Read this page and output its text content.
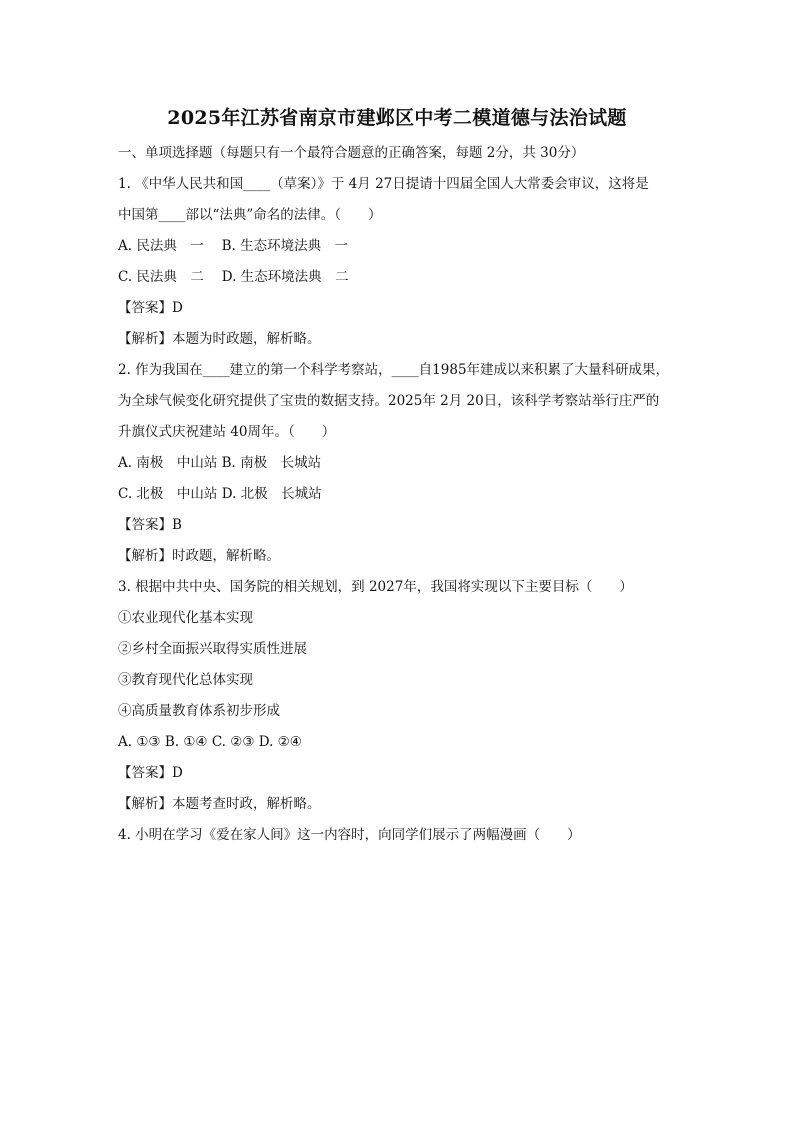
2025年江苏省南京市建邺区中考二模道德与法治试题
一、单项选择题（每题只有一个最符合题意的正确答案，每题 2分，共 30分）
1. 《中华人民共和国____（草案）》于 4月 27日提请十四届全国人大常委会审议，这将是
中国第____部以“法典”命名的法律。（　　）
A. 民法典　一　 B. 生态环境法典　一
C. 民法典　二　 D. 生态环境法典　二
【答案】D
【解析】本题为时政题，解析略。
2. 作为我国在____建立的第一个科学考察站，____自1985年建成以来积累了大量科研成果，
为全球气候变化研究提供了宝贵的数据支持。2025年 2月 20日，该科学考察站举行庄严的
升旗仪式庆祝建站 40周年。（　　）
A. 南极　中山站 B. 南极　长城站
C. 北极　中山站 D. 北极　长城站
【答案】B
【解析】时政题，解析略。
3. 根据中共中央、国务院的相关规划，到 2027年，我国将实现以下主要目标（　　）
①农业现代化基本实现
②乡村全面振兴取得实质性进展
③教育现代化总体实现
④高质量教育体系初步形成
A. ①③ B. ①④ C. ②③ D. ②④
【答案】D
【解析】本题考查时政，解析略。
4. 小明在学习《爱在家人间》这一内容时，向同学们展示了两幅漫画（　　）
